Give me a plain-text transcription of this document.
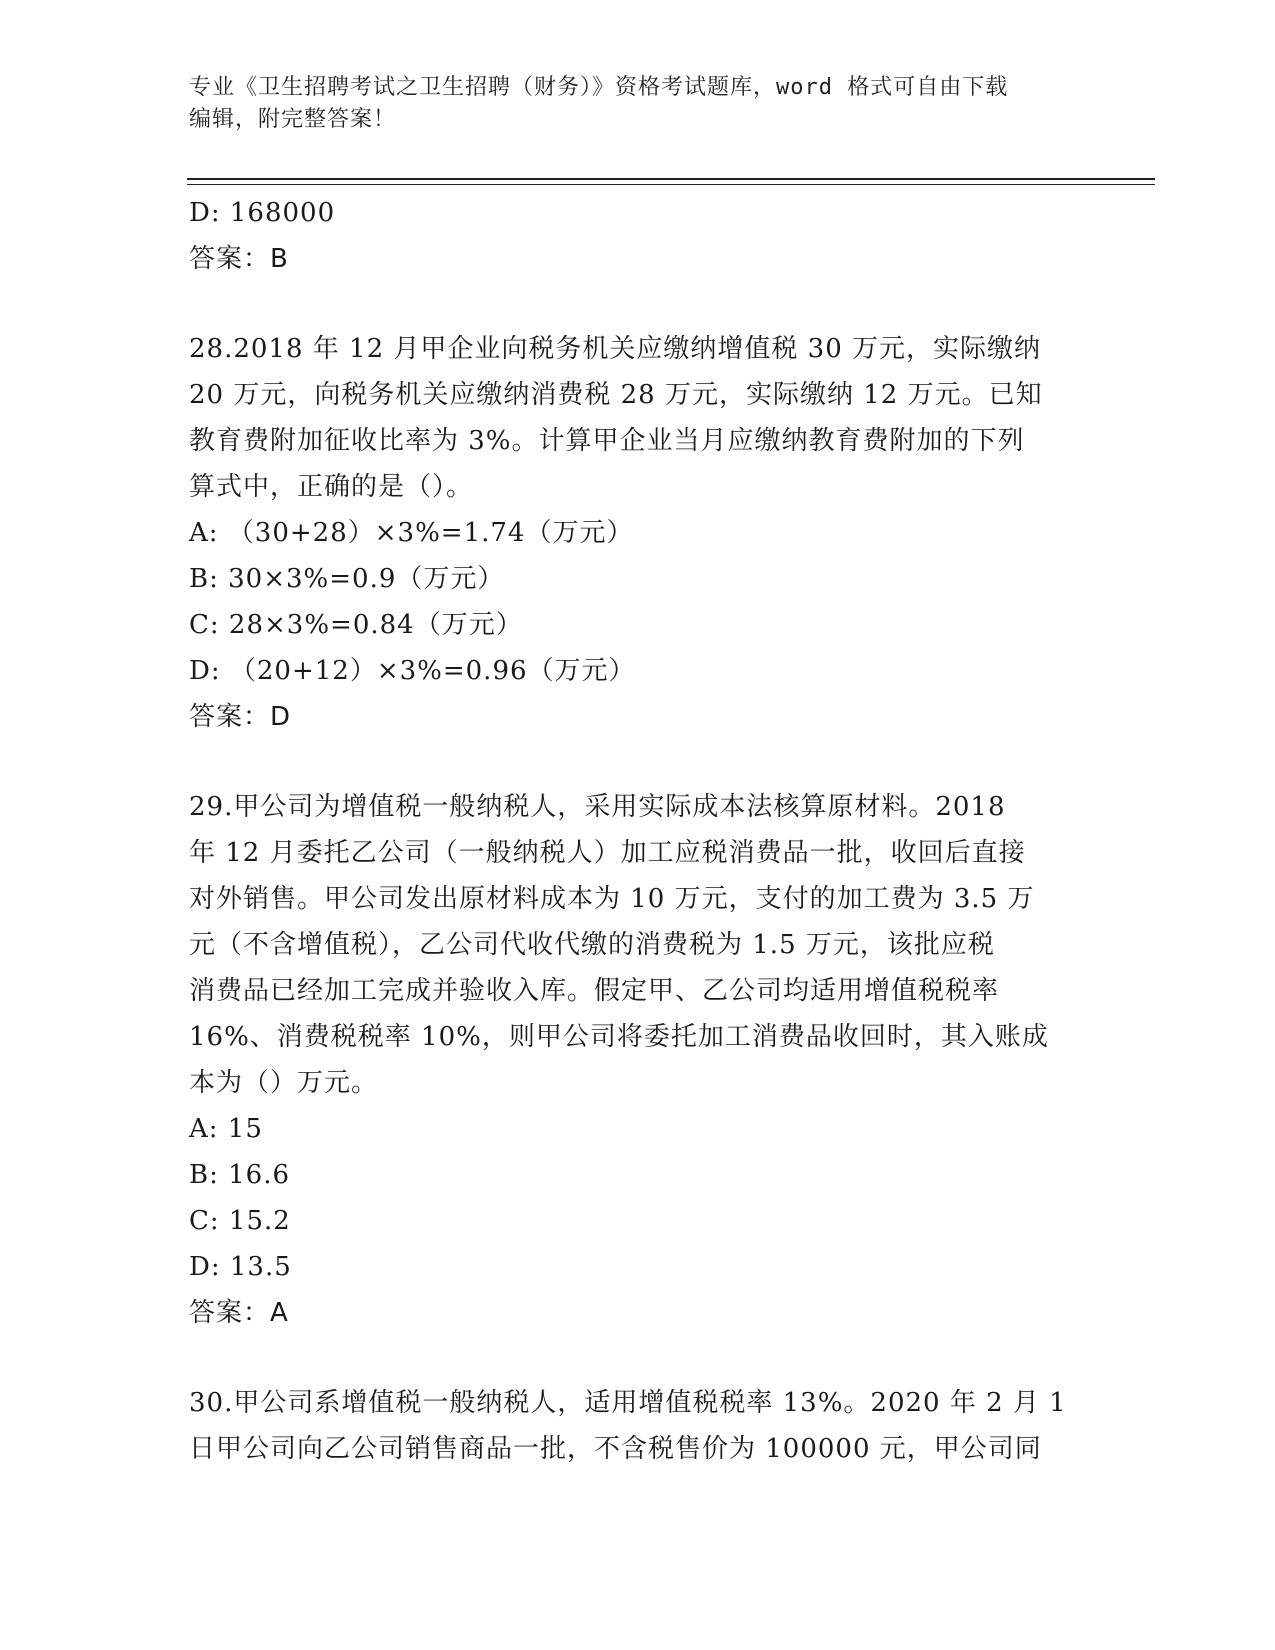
专业《卫生招聘考试之卫生招聘（财务）》资格考试题库，word 格式可自由下载
编辑，附完整答案！
D: 168000
答案：B
28.2018 年 12 月甲企业向税务机关应缴纳增值税 30 万元，实际缴纳
20 万元，向税务机关应缴纳消费税 28 万元，实际缴纳 12 万元。已知
教育费附加征收比率为 3%。计算甲企业当月应缴纳教育费附加的下列
算式中，正确的是（）。
A: （30+28）×3%=1.74（万元）
B: 30×3%=0.9（万元）
C: 28×3%=0.84（万元）
D: （20+12）×3%=0.96（万元）
答案：D
29.甲公司为增值税一般纳税人，采用实际成本法核算原材料。2018
年 12 月委托乙公司（一般纳税人）加工应税消费品一批，收回后直接
对外销售。甲公司发出原材料成本为 10 万元，支付的加工费为 3.5 万
元（不含增值税），乙公司代收代缴的消费税为 1.5 万元，该批应税
消费品已经加工完成并验收入库。假定甲、乙公司均适用增值税税率
16%、消费税税率 10%，则甲公司将委托加工消费品收回时，其入账成
本为（）万元。
A: 15
B: 16.6
C: 15.2
D: 13.5
答案：A
30.甲公司系增值税一般纳税人，适用增值税税率 13%。2020 年 2 月 1
日甲公司向乙公司销售商品一批，不含税售价为 100000 元，甲公司同
